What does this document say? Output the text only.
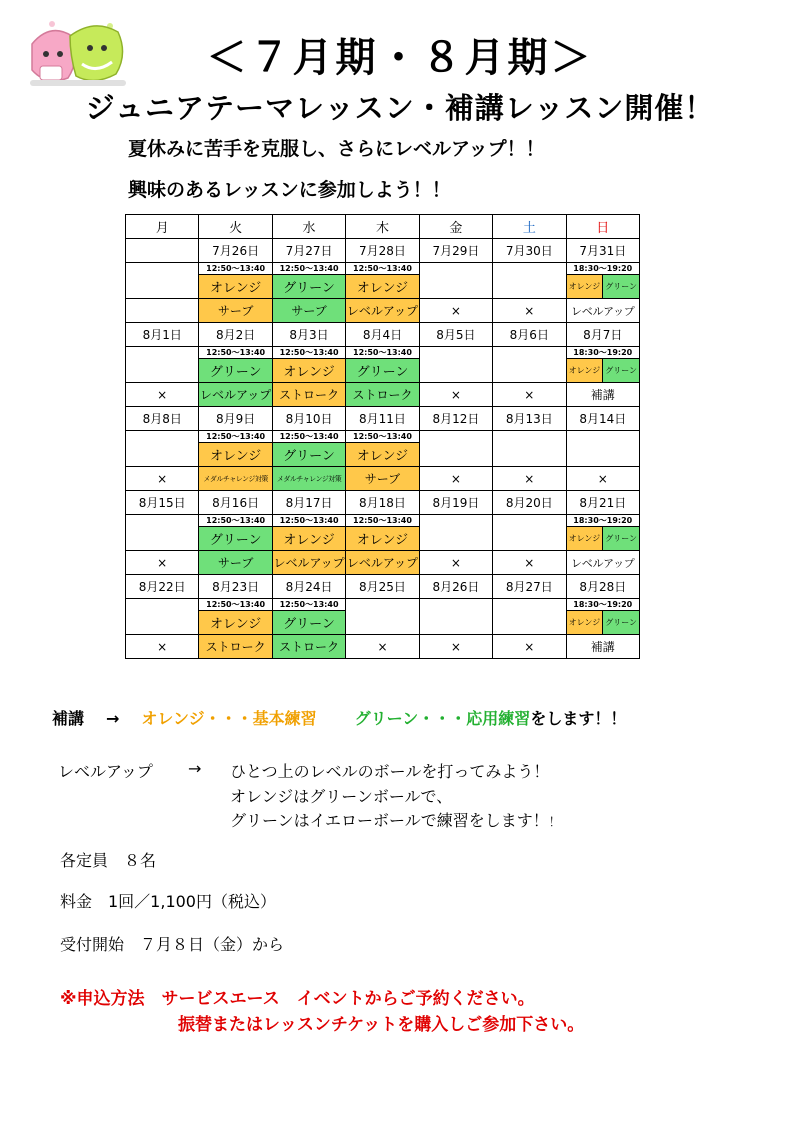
＜７月期・８月期＞
ジュニアテーマレッスン・補講レッスン開催！

夏休みに苦手を克服し、さらにレベルアップ！！

興味のあるレッスンに参加しよう！！

月	火	水	木	金	土	日
	7月26日	7月27日	7月28日	7月29日	7月30日	7月31日
	12:50～13:40	12:50～13:40	12:50～13:40			18:30～19:20
	オレンジ	グリーン	オレンジ			オレンジ グリーン

	サーブ	サーブ	レベルアップ	×	×	レベルアップ
8月1日	8月2日	8月3日	8月4日	8月5日	8月6日	8月7日
	12:50～13:40	12:50～13:40	12:50～13:40			18:30～19:20
	グリーン	オレンジ	グリーン			オレンジ グリーン

×	レベルアップ	ストローク	ストローク	×	×	補講
8月8日	8月9日	8月10日	8月11日	8月12日	8月13日	8月14日
	12:50～13:40	12:50～13:40	12:50～13:40			
	オレンジ	グリーン	オレンジ			
×	メダルチャレンジ対策	メダルチャレンジ対策	サーブ	×	×	×
8月15日	8月16日	8月17日	8月18日	8月19日	8月20日	8月21日
	12:50～13:40	12:50～13:40	12:50～13:40			18:30～19:20
	グリーン	オレンジ	オレンジ			オレンジ グリーン

×	サーブ	レベルアップ	レベルアップ	×	×	レベルアップ
8月22日	8月23日	8月24日	8月25日	8月26日	8月27日	8月28日
	12:50～13:40	12:50～13:40				18:30～19:20
	オレンジ	グリーン				オレンジ グリーン

×	ストローク	ストローク	×	×	×	補講

補講 → オレンジ・・・基本練習 グリーン・・・応用練習をします！！

レベルアップ → ひとつ上のレベルのボールを打ってみよう！

オレンジはグリーンボールで、

グリーンはイエローボールで練習をします！！

各定員　８名

料金　1回／1,100円（税込）

受付開始　７月８日（金）から

※申込方法　サービスエース　イベントからご予約ください。

振替またはレッスンチケットを購入しご参加下さい。
